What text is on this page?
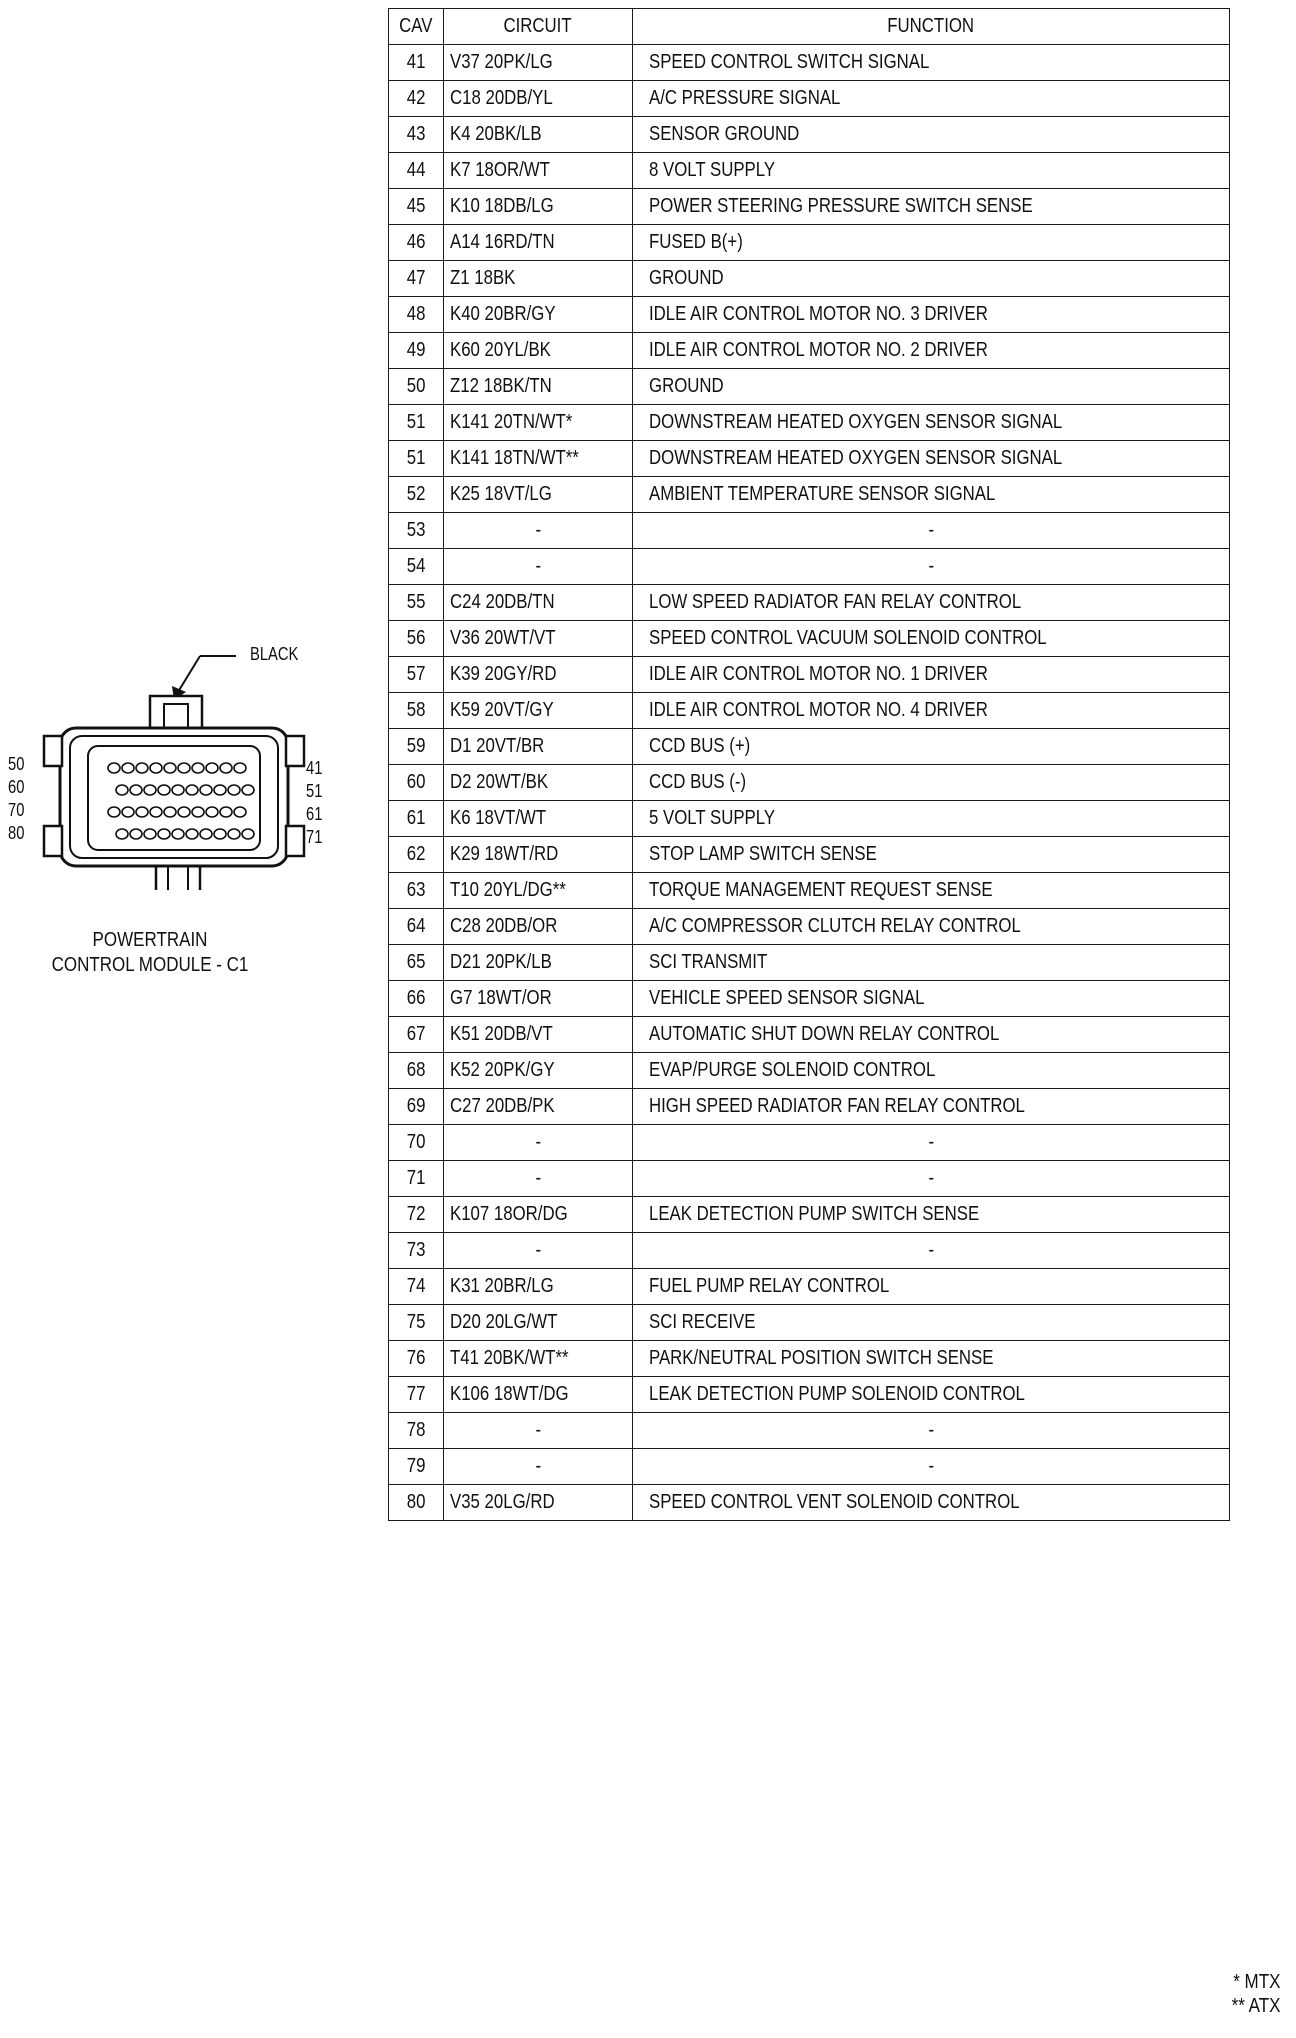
BLACK
50
60
70
80
41
51
61
71
POWERTRAIN
CONTROL MODULE - C1
CAV	CIRCUIT	FUNCTION
41	V37 20PK/LG	SPEED CONTROL SWITCH SIGNAL
42	C18 20DB/YL	A/C PRESSURE SIGNAL
43	K4 20BK/LB	SENSOR GROUND
44	K7 18OR/WT	8 VOLT SUPPLY
45	K10 18DB/LG	POWER STEERING PRESSURE SWITCH SENSE
46	A14 16RD/TN	FUSED B(+)
47	Z1 18BK	GROUND
48	K40 20BR/GY	IDLE AIR CONTROL MOTOR NO. 3 DRIVER
49	K60 20YL/BK	IDLE AIR CONTROL MOTOR NO. 2 DRIVER
50	Z12 18BK/TN	GROUND
51	K141 20TN/WT*	DOWNSTREAM HEATED OXYGEN SENSOR SIGNAL
51	K141 18TN/WT**	DOWNSTREAM HEATED OXYGEN SENSOR SIGNAL
52	K25 18VT/LG	AMBIENT TEMPERATURE SENSOR SIGNAL
53	-	-
54	-	-
55	C24 20DB/TN	LOW SPEED RADIATOR FAN RELAY CONTROL
56	V36 20WT/VT	SPEED CONTROL VACUUM SOLENOID CONTROL
57	K39 20GY/RD	IDLE AIR CONTROL MOTOR NO. 1 DRIVER
58	K59 20VT/GY	IDLE AIR CONTROL MOTOR NO. 4 DRIVER
59	D1 20VT/BR	CCD BUS (+)
60	D2 20WT/BK	CCD BUS (-)
61	K6 18VT/WT	5 VOLT SUPPLY
62	K29 18WT/RD	STOP LAMP SWITCH SENSE
63	T10 20YL/DG**	TORQUE MANAGEMENT REQUEST SENSE
64	C28 20DB/OR	A/C COMPRESSOR CLUTCH RELAY CONTROL
65	D21 20PK/LB	SCI TRANSMIT
66	G7 18WT/OR	VEHICLE SPEED SENSOR SIGNAL
67	K51 20DB/VT	AUTOMATIC SHUT DOWN RELAY CONTROL
68	K52 20PK/GY	EVAP/PURGE SOLENOID CONTROL
69	C27 20DB/PK	HIGH SPEED RADIATOR FAN RELAY CONTROL
70	-	-
71	-	-
72	K107 18OR/DG	LEAK DETECTION PUMP SWITCH SENSE
73	-	-
74	K31 20BR/LG	FUEL PUMP RELAY CONTROL
75	D20 20LG/WT	SCI RECEIVE
76	T41 20BK/WT**	PARK/NEUTRAL POSITION SWITCH SENSE
77	K106 18WT/DG	LEAK DETECTION PUMP SOLENOID CONTROL
78	-	-
79	-	-
80	V35 20LG/RD	SPEED CONTROL VENT SOLENOID CONTROL
* MTX
** ATX
